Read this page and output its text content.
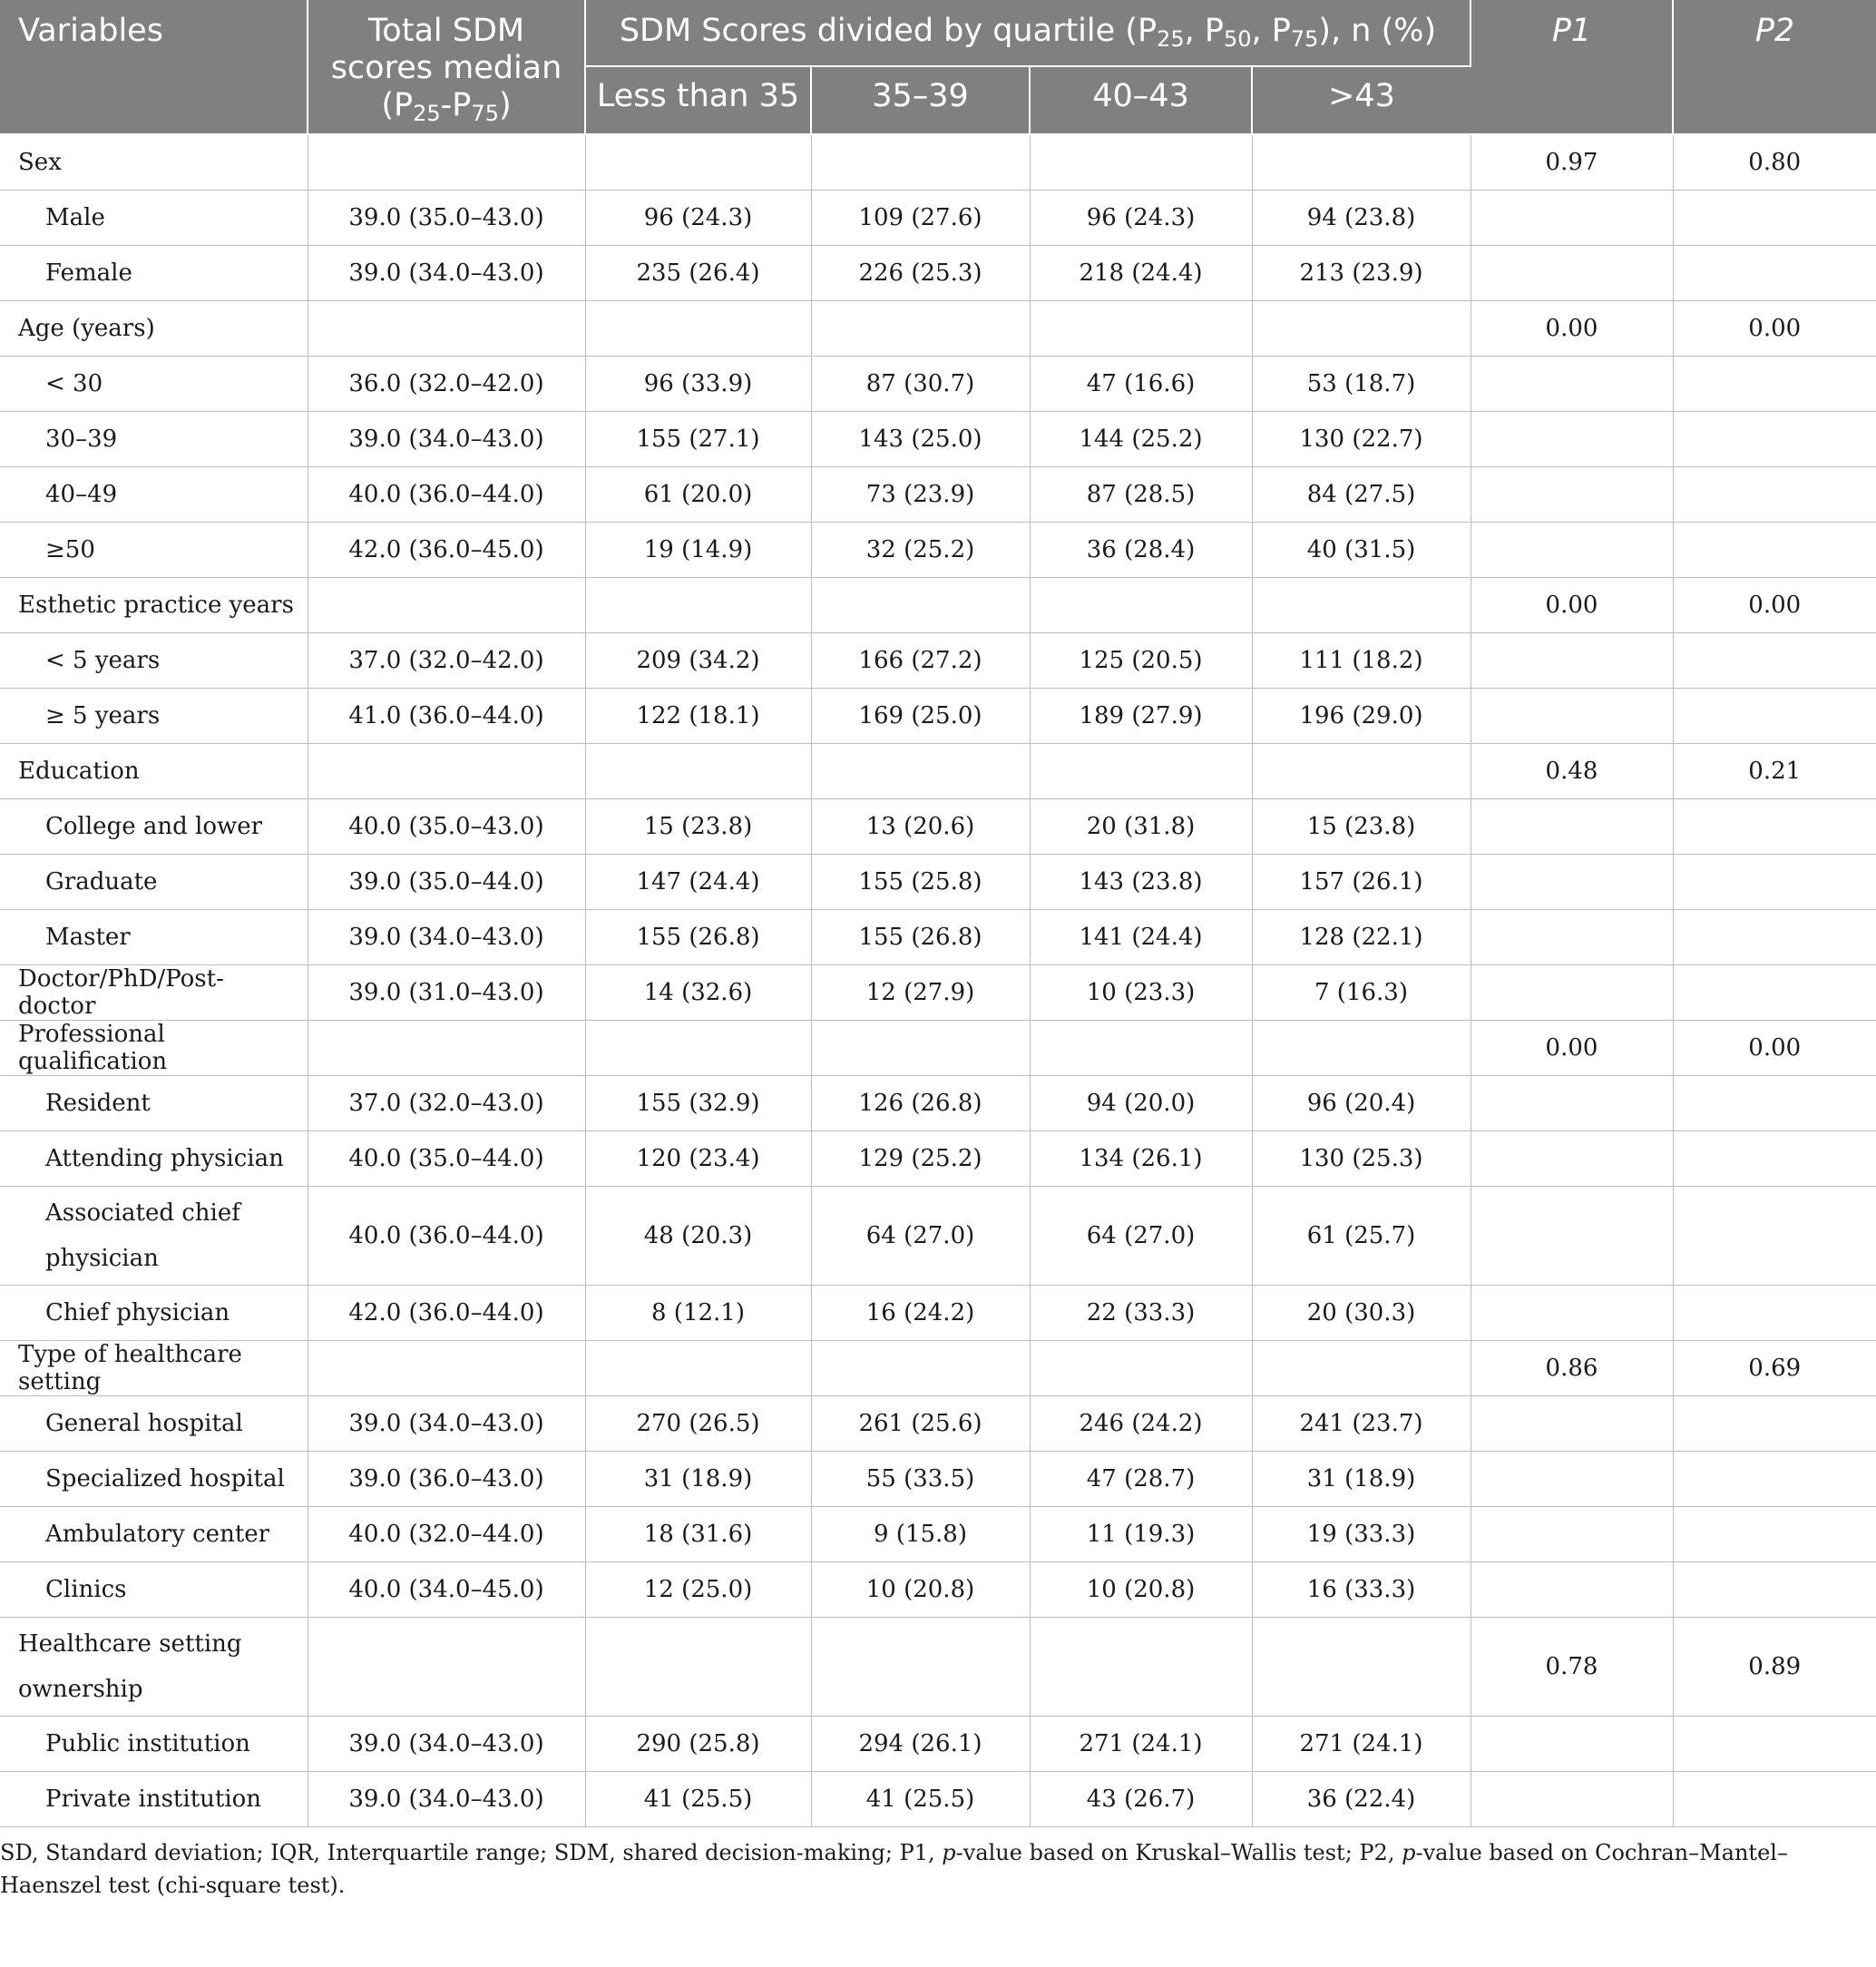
Variables	Total SDM scores median $(P_{25}-P_{75})$	SDM Scores divided by quartile ($P_{25}$, $P_{50}$, $P_{75}$), n (%)				P1	P2
		Less than 35	35–39	40–43	>43		
Sex						0.97	0.80
Male	39.0 (35.0–43.0)	96 (24.3)	109 (27.6)	96 (24.3)	94 (23.8)		
Female	39.0 (34.0–43.0)	235 (26.4)	226 (25.3)	218 (24.4)	213 (23.9)		
Age (years)						0.00	0.00
< 30	36.0 (32.0–42.0)	96 (33.9)	87 (30.7)	47 (16.6)	53 (18.7)		
30–39	39.0 (34.0–43.0)	155 (27.1)	143 (25.0)	144 (25.2)	130 (22.7)		
40–49	40.0 (36.0–44.0)	61 (20.0)	73 (23.9)	87 (28.5)	84 (27.5)		
≥50	42.0 (36.0–45.0)	19 (14.9)	32 (25.2)	36 (28.4)	40 (31.5)		
Esthetic practice years						0.00	0.00
< 5 years	37.0 (32.0–42.0)	209 (34.2)	166 (27.2)	125 (20.5)	111 (18.2)		
≥ 5 years	41.0 (36.0–44.0)	122 (18.1)	169 (25.0)	189 (27.9)	196 (29.0)		
Education						0.48	0.21
College and lower	40.0 (35.0–43.0)	15 (23.8)	13 (20.6)	20 (31.8)	15 (23.8)		
Graduate	39.0 (35.0–44.0)	147 (24.4)	155 (25.8)	143 (23.8)	157 (26.1)		
Master	39.0 (34.0–43.0)	155 (26.8)	155 (26.8)	141 (24.4)	128 (22.1)		
Doctor/PhD/Post-doctor	39.0 (31.0–43.0)	14 (32.6)	12 (27.9)	10 (23.3)	7 (16.3)		
Professional qualification						0.00	0.00
Resident	37.0 (32.0–43.0)	155 (32.9)	126 (26.8)	94 (20.0)	96 (20.4)		
Attending physician	40.0 (35.0–44.0)	120 (23.4)	129 (25.2)	134 (26.1)	130 (25.3)		
Associated chief physician	40.0 (36.0–44.0)	48 (20.3)	64 (27.0)	64 (27.0)	61 (25.7)		
Chief physician	42.0 (36.0–44.0)	8 (12.1)	16 (24.2)	22 (33.3)	20 (30.3)		
Type of healthcare setting						0.86	0.69
General hospital	39.0 (34.0–43.0)	270 (26.5)	261 (25.6)	246 (24.2)	241 (23.7)		
Specialized hospital	39.0 (36.0–43.0)	31 (18.9)	55 (33.5)	47 (28.7)	31 (18.9)		
Ambulatory center	40.0 (32.0–44.0)	18 (31.6)	9 (15.8)	11 (19.3)	19 (33.3)		
Clinics	40.0 (34.0–45.0)	12 (25.0)	10 (20.8)	10 (20.8)	16 (33.3)		
Healthcare setting ownership						0.78	0.89
Public institution	39.0 (34.0–43.0)	290 (25.8)	294 (26.1)	271 (24.1)	271 (24.1)		
Private institution	39.0 (34.0–43.0)	41 (25.5)	41 (25.5)	43 (26.7)	36 (22.4)		
SD, Standard deviation; IQR, Interquartile range; SDM, shared decision-making; P1, p-value based on Kruskal–Wallis test; P2, p-value based on Cochran–Mantel–Haenszel test (chi-square test).
